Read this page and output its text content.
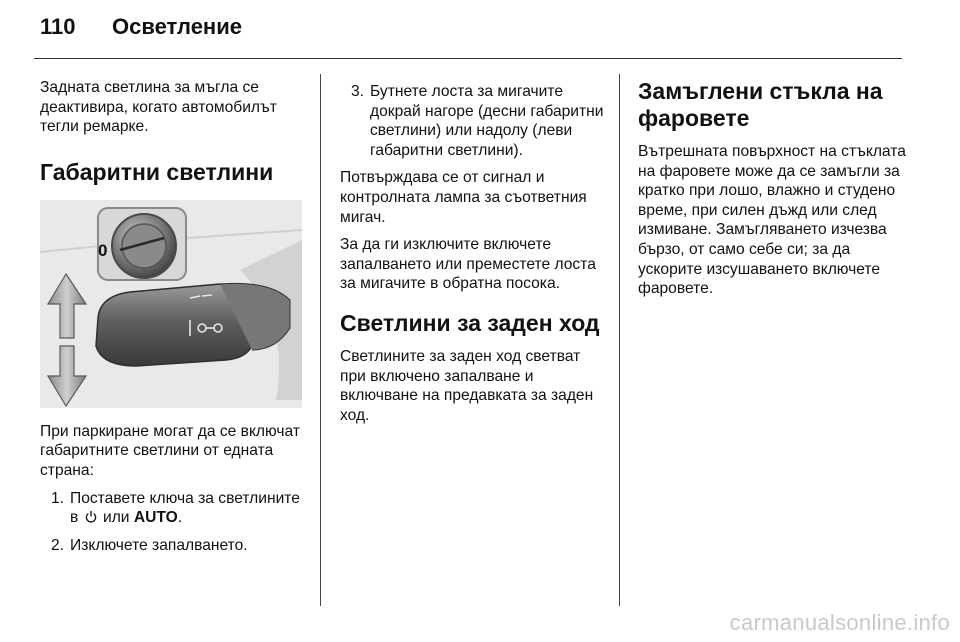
110	Осветление

Задната светлина за мъгла се деактивира, когато автомобилът тегли ремарке.

Габаритни светлини
0

При паркиране могат да се включат габаритните светлини от едната страна:

1. Поставете ключа за светлините в или AUTO.
2. Изключете запалването.
3. Бутнете лоста за мигачите докрай нагоре (десни габаритни светлини) или надолу (леви габаритни светлини).

Потвърждава се от сигнал и контролната лампа за съответния мигач.

За да ги изключите включете запалването или преместете лоста за мигачите в обратна посока.

Светлини за заден ход

Светлините за заден ход светват при включено запалване и включване на предавката за заден ход.

Замъглени стъкла на фаровете

Вътрешната повърхност на стъклата на фаровете може да се замъгли за кратко при лошо, влажно и студено време, при силен дъжд или след измиване. Замъгляването изчезва бързо, от само себе си; за да ускорите изсушаването включете фаровете.

carmanualsonline.info
